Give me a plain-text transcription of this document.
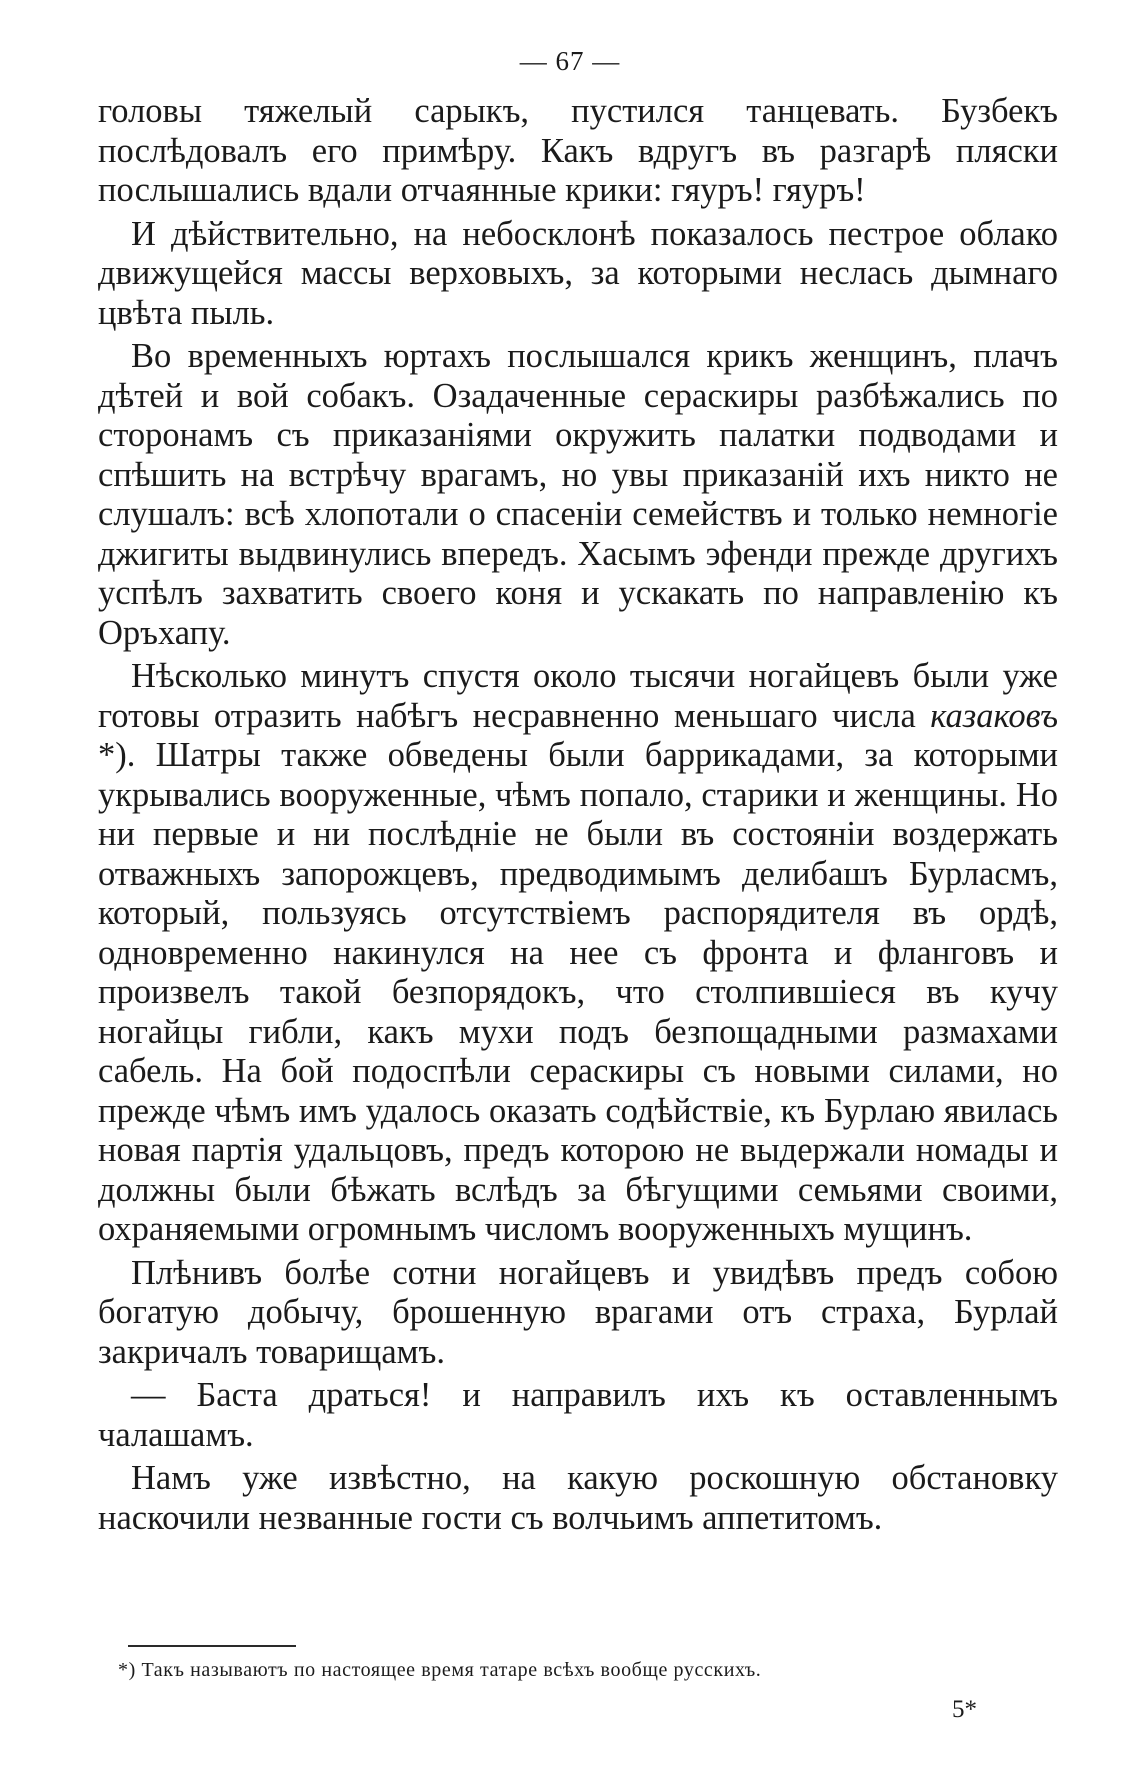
— 67 —

головы тяжелый сарыкъ, пустился танцевать. Бузбекъ послѣдовалъ его примѣру. Какъ вдругъ въ разгарѣ пляски послышались вдали отчаянные крики: гяуръ! гяуръ!

И дѣйствительно, на небосклонѣ показалось пестрое облако движущейся массы верховыхъ, за которыми неслась дымнаго цвѣта пыль.

Во временныхъ юртахъ послышался крикъ женщинъ, плачъ дѣтей и вой собакъ. Озадаченные сераскиры разбѣжались по сторонамъ съ приказаніями окружить палатки подводами и спѣшить на встрѣчу врагамъ, но увы приказаній ихъ никто не слушалъ: всѣ хлопотали о спасеніи семействъ и только немногіе джигиты выдвинулись впередъ. Хасымъ эфенди прежде другихъ успѣлъ захватить своего коня и ускакать по направленію къ Оръхапу.

Нѣсколько минутъ спустя около тысячи ногайцевъ были уже готовы отразить набѣгъ несравненно меньшаго числа казаковъ *). Шатры также обведены были баррикадами, за которыми укрывались вооруженные, чѣмъ попало, старики и женщины. Но ни первые и ни послѣдніе не были въ состояніи воздержать отважныхъ запорожцевъ, предводимымъ делибашъ Бурласмъ, который, пользуясь отсутствіемъ распорядителя въ ордѣ, одновременно накинулся на нее съ фронта и фланговъ и произвелъ такой безпорядокъ, что столпившіеся въ кучу ногайцы гибли, какъ мухи подъ безпощадными размахами сабель. На бой подоспѣли сераскиры съ новыми силами, но прежде чѣмъ имъ удалось оказать содѣйствіе, къ Бурлаю явилась новая партія удальцовъ, предъ которою не выдержали номады и должны были бѣжать вслѣдъ за бѣгущими семьями своими, охраняемыми огромнымъ числомъ вооруженныхъ мущинъ.

Плѣнивъ болѣе сотни ногайцевъ и увидѣвъ предъ собою богатую добычу, брошенную врагами отъ страха, Бурлай закричалъ товарищамъ.

— Баста драться! и направилъ ихъ къ оставленнымъ чалашамъ.

Намъ уже извѣстно, на какую роскошную обстановку наскочили незванные гости съ волчьимъ аппетитомъ.

*) Такъ называютъ по настоящее время татаре всѣхъ вообще русскихъ.
5*
